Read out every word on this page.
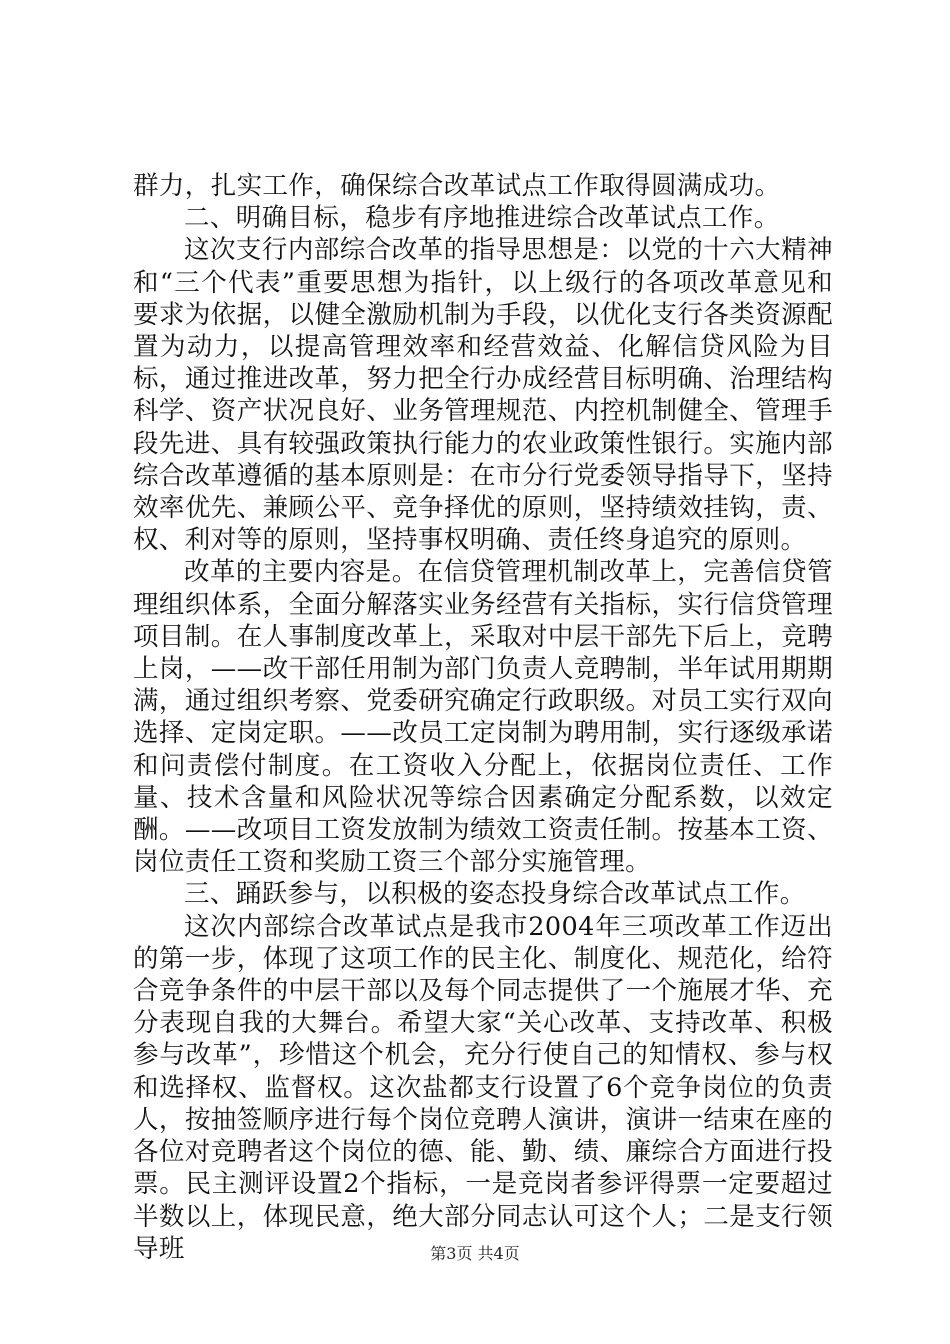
群力，扎实工作，确保综合改革试点工作取得圆满成功。

二、明确目标，稳步有序地推进综合改革试点工作。

这次支行内部综合改革的指导思想是：以党的十六大精神和“三个代表”重要思想为指针，以上级行的各项改革意见和要求为依据，以健全激励机制为手段，以优化支行各类资源配置为动力，以提高管理效率和经营效益、化解信贷风险为目标，通过推进改革，努力把全行办成经营目标明确、治理结构科学、资产状况良好、业务管理规范、内控机制健全、管理手段先进、具有较强政策执行能力的农业政策性银行。实施内部综合改革遵循的基本原则是：在市分行党委领导指导下，坚持效率优先、兼顾公平、竞争择优的原则，坚持绩效挂钩，责、权、利对等的原则，坚持事权明确、责任终身追究的原则。

改革的主要内容是。在信贷管理机制改革上，完善信贷管理组织体系，全面分解落实业务经营有关指标，实行信贷管理项目制。在人事制度改革上，采取对中层干部先下后上，竞聘上岗，——改干部任用制为部门负责人竞聘制，半年试用期期满，通过组织考察、党委研究确定行政职级。对员工实行双向选择、定岗定职。——改员工定岗制为聘用制，实行逐级承诺和问责偿付制度。在工资收入分配上，依据岗位责任、工作量、技术含量和风险状况等综合因素确定分配系数，以效定酬。——改项目工资发放制为绩效工资责任制。按基本工资、岗位责任工资和奖励工资三个部分实施管理。

三、踊跃参与，以积极的姿态投身综合改革试点工作。

这次内部综合改革试点是我市2004年三项改革工作迈出的第一步，体现了这项工作的民主化、制度化、规范化，给符合竞争条件的中层干部以及每个同志提供了一个施展才华、充分表现自我的大舞台。希望大家“关心改革、支持改革、积极参与改革”，珍惜这个机会，充分行使自己的知情权、参与权和选择权、监督权。这次盐都支行设置了6个竞争岗位的负责人，按抽签顺序进行每个岗位竞聘人演讲，演讲一结束在座的各位对竞聘者这个岗位的德、能、勤、绩、廉综合方面进行投票。民主测评设置2个指标，一是竞岗者参评得票一定要超过半数以上，体现民意，绝大部分同志认可这个人；二是支行领导班	第3页 共4页
